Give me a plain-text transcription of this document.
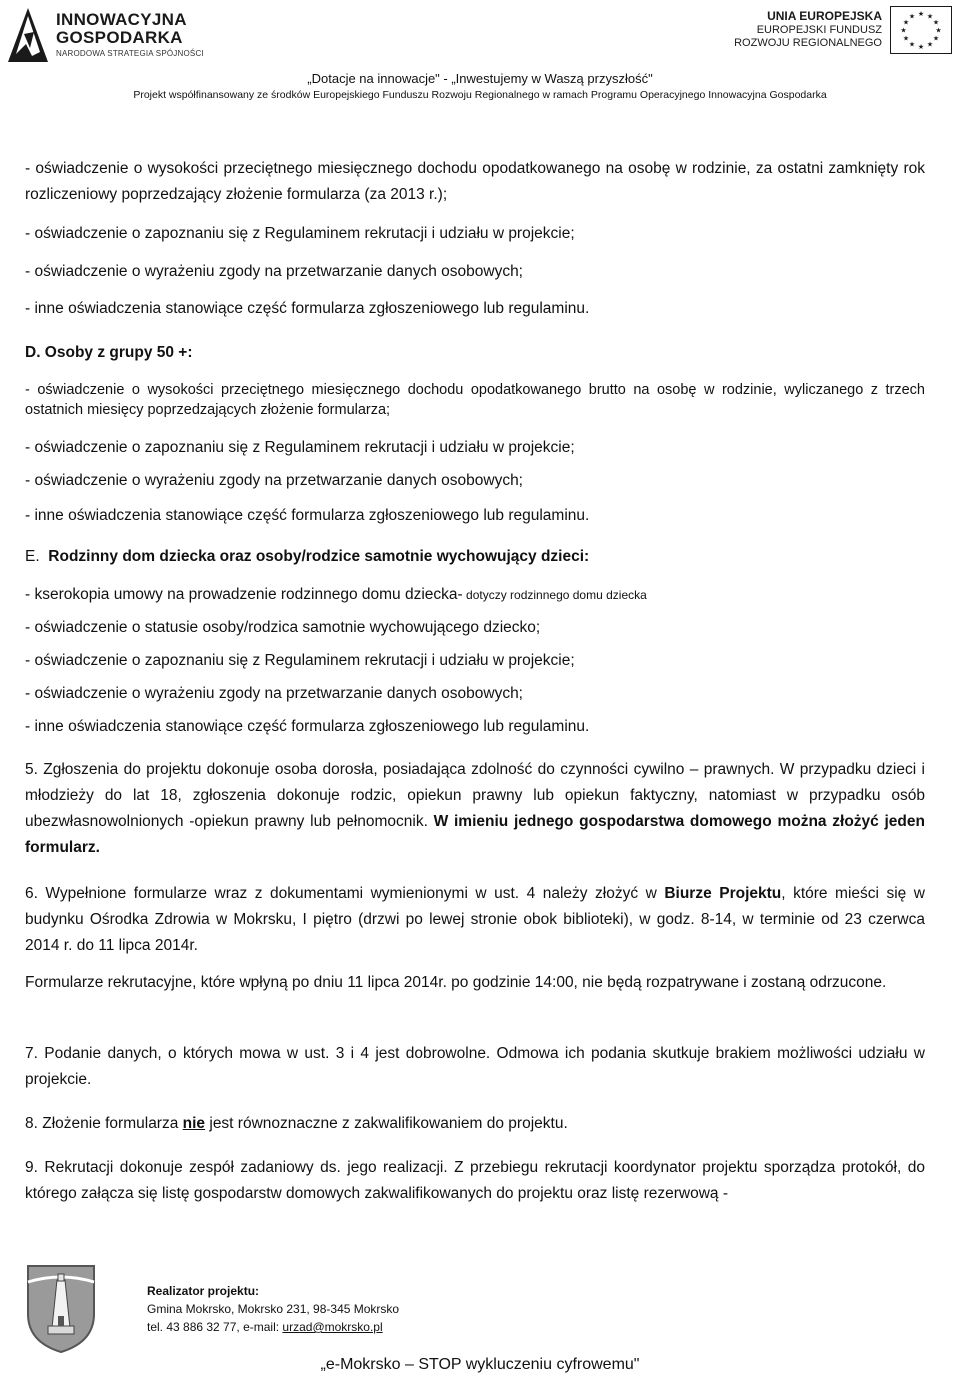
INNOWACYJNA
GOSPODARKA
NARODOWA STRATEGIA SPÓJNOŚCI
UNIA EUROPEJSKA
EUROPEJSKI FUNDUSZ
ROZWOJU REGIONALNEGO
★ ★
★
★
★
★
★
★
★
★
★
★
„Dotacje na innowacje" - „Inwestujemy w Waszą przyszłość"
Projekt współfinansowany ze środków Europejskiego Funduszu Rozwoju Regionalnego w ramach Programu Operacyjnego Innowacyjna Gospodarka

- oświadczenie o wysokości przeciętnego miesięcznego dochodu opodatkowanego na osobę w rodzinie, za ostatni zamknięty rok rozliczeniowy poprzedzający złożenie formularza (za 2013 r.);

- oświadczenie o zapoznaniu się z Regulaminem rekrutacji i udziału w projekcie;

- oświadczenie o wyrażeniu zgody na przetwarzanie danych osobowych;

- inne oświadczenia stanowiące część formularza zgłoszeniowego lub regulaminu.

D. Osoby z grupy 50 +:

- oświadczenie o wysokości przeciętnego miesięcznego dochodu opodatkowanego brutto na osobę w rodzinie, wyliczanego z trzech ostatnich miesięcy poprzedzających złożenie formularza;

- oświadczenie o zapoznaniu się z Regulaminem rekrutacji i udziału w projekcie;

- oświadczenie o wyrażeniu zgody na przetwarzanie danych osobowych;

- inne oświadczenia stanowiące część formularza zgłoszeniowego lub regulaminu.

E. Rodzinny dom dziecka oraz osoby/rodzice samotnie wychowujący dzieci:

- kserokopia umowy na prowadzenie rodzinnego domu dziecka- dotyczy rodzinnego domu dziecka

- oświadczenie o statusie osoby/rodzica samotnie wychowującego dziecko;

- oświadczenie o zapoznaniu się z Regulaminem rekrutacji i udziału w projekcie;

- oświadczenie o wyrażeniu zgody na przetwarzanie danych osobowych;

- inne oświadczenia stanowiące część formularza zgłoszeniowego lub regulaminu.

5. Zgłoszenia do projektu dokonuje osoba dorosła, posiadająca zdolność do czynności cywilno – prawnych. W przypadku dzieci i młodzieży do lat 18, zgłoszenia dokonuje rodzic, opiekun prawny lub opiekun faktyczny, natomiast w przypadku osób ubezwłasnowolnionych -opiekun prawny lub pełnomocnik. W imieniu jednego gospodarstwa domowego można złożyć jeden formularz.

6. Wypełnione formularze wraz z dokumentami wymienionymi w ust. 4 należy złożyć w Biurze Projektu, które mieści się w budynku Ośrodka Zdrowia w Mokrsku, I piętro (drzwi po lewej stronie obok biblioteki), w godz. 8-14, w terminie od 23 czerwca 2014 r. do 11 lipca 2014r.

Formularze rekrutacyjne, które wpłyną po dniu 11 lipca 2014r. po godzinie 14:00, nie będą rozpatrywane i zostaną odrzucone.

7. Podanie danych, o których mowa w ust. 3 i 4 jest dobrowolne. Odmowa ich podania skutkuje brakiem możliwości udziału w projekcie.

8. Złożenie formularza nie jest równoznaczne z zakwalifikowaniem do projektu.

9. Rekrutacji dokonuje zespół zadaniowy ds. jego realizacji. Z przebiegu rekrutacji koordynator projektu sporządza protokół, do którego załącza się listę gospodarstw domowych zakwalifikowanych do projektu oraz listę rezerwową -

Realizator projektu:
Gmina Mokrsko, Mokrsko 231, 98-345 Mokrsko
tel. 43 886 32 77, e-mail: urzad@mokrsko.pl
„e-Mokrsko – STOP wykluczeniu cyfrowemu"
